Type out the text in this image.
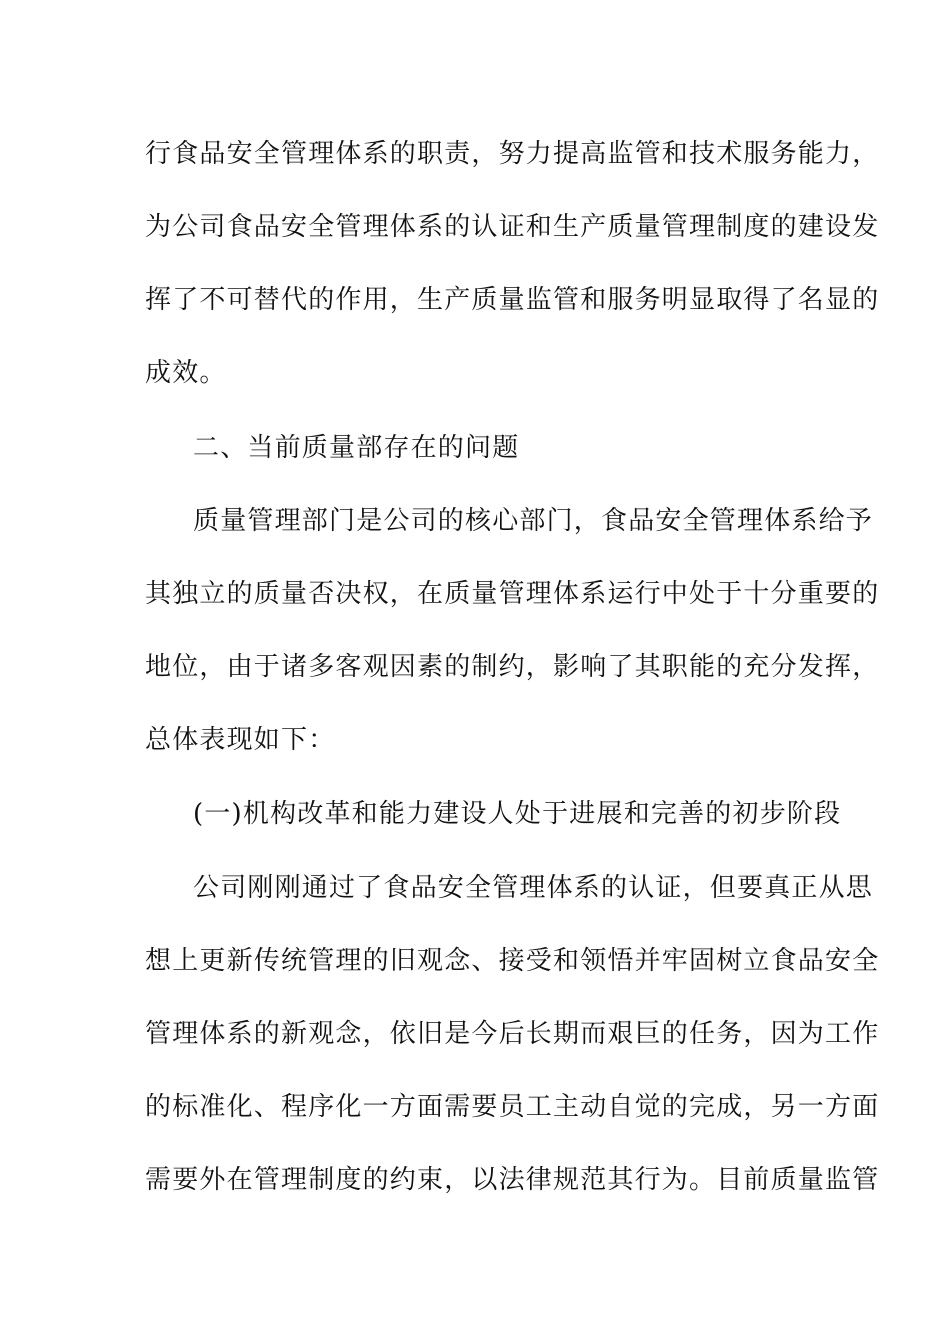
行食品安全管理体系的职责，努力提高监管和技术服务能力，
为公司食品安全管理体系的认证和生产质量管理制度的建设发
挥了不可替代的作用，生产质量监管和服务明显取得了名显的
成效。
二、当前质量部存在的问题
质量管理部门是公司的核心部门，食品安全管理体系给予
其独立的质量否决权，在质量管理体系运行中处于十分重要的
地位，由于诸多客观因素的制约，影响了其职能的充分发挥，
总体表现如下：
(一)机构改革和能力建设人处于进展和完善的初步阶段
公司刚刚通过了食品安全管理体系的认证，但要真正从思
想上更新传统管理的旧观念、接受和领悟并牢固树立食品安全
管理体系的新观念，依旧是今后长期而艰巨的任务，因为工作
的标准化、程序化一方面需要员工主动自觉的完成，另一方面
需要外在管理制度的约束，以法律规范其行为。目前质量监管
